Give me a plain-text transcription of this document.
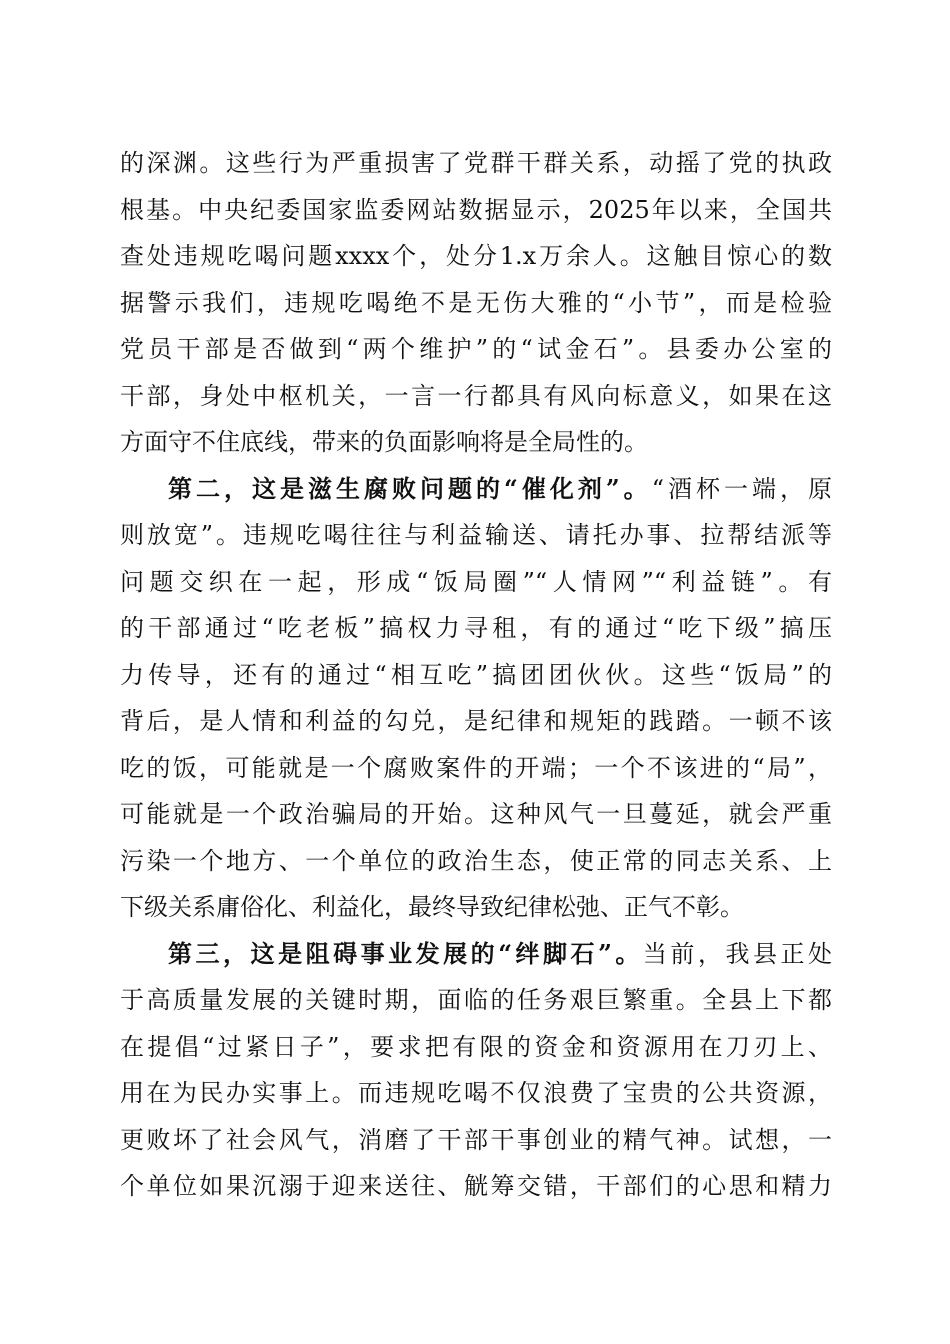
的深渊。这些行为严重损害了党群干群关系，动摇了党的执政
根基。中央纪委国家监委网站数据显示，2025年以来，全国共
查处违规吃喝问题xxxx个，处分1.x万余人。这触目惊心的数
据警示我们，违规吃喝绝不是无伤大雅的“小节”，而是检验
党员干部是否做到“两个维护”的“试金石”。县委办公室的
干部，身处中枢机关，一言一行都具有风向标意义，如果在这
方面守不住底线，带来的负面影响将是全局性的。
第二，这是滋生腐败问题的“催化剂”。“酒杯一端，原
则放宽”。违规吃喝往往与利益输送、请托办事、拉帮结派等
问题交织在一起，形成“饭局圈”“人情网”“利益链”。有
的干部通过“吃老板”搞权力寻租，有的通过“吃下级”搞压
力传导，还有的通过“相互吃”搞团团伙伙。这些“饭局”的
背后，是人情和利益的勾兑，是纪律和规矩的践踏。一顿不该
吃的饭，可能就是一个腐败案件的开端；一个不该进的“局”，
可能就是一个政治骗局的开始。这种风气一旦蔓延，就会严重
污染一个地方、一个单位的政治生态，使正常的同志关系、上
下级关系庸俗化、利益化，最终导致纪律松弛、正气不彰。
第三，这是阻碍事业发展的“绊脚石”。当前，我县正处
于高质量发展的关键时期，面临的任务艰巨繁重。全县上下都
在提倡“过紧日子”，要求把有限的资金和资源用在刀刃上、
用在为民办实事上。而违规吃喝不仅浪费了宝贵的公共资源，
更败坏了社会风气，消磨了干部干事创业的精气神。试想，一
个单位如果沉溺于迎来送往、觥筹交错，干部们的心思和精力
